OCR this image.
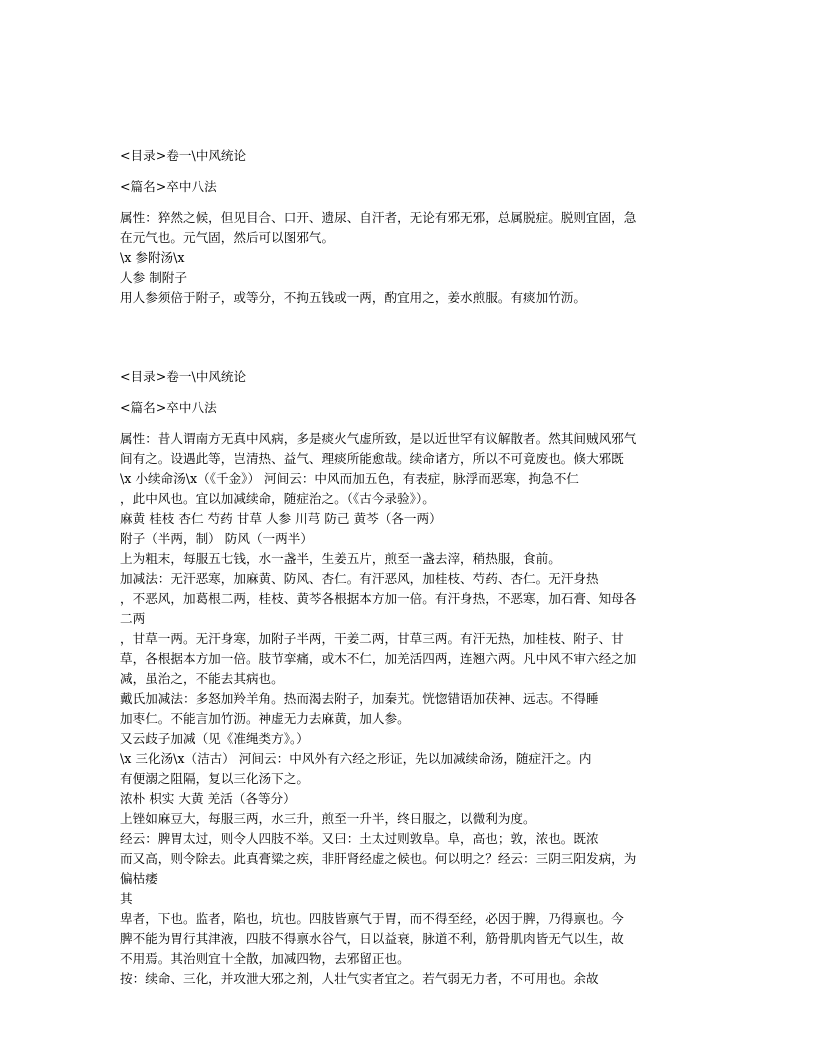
<目录>卷一\中风统论
<篇名>卒中八法
属性：猝然之候，但见目合、口开、遗尿、自汗者，无论有邪无邪，总属脱症。脱则宜固，急
在元气也。元气固，然后可以图邪气。
\x 参附汤\x
人参 制附子
用人参须倍于附子，或等分，不拘五钱或一两，酌宜用之，姜水煎服。有痰加竹沥。
<目录>卷一\中风统论
<篇名>卒中八法
属性：昔人谓南方无真中风病，多是痰火气虚所致，是以近世罕有议解散者。然其间贼风邪气
间有之。设遇此等，岂清热、益气、理痰所能愈哉。续命诸方，所以不可竟废也。倏大邪既
\x 小续命汤\x（《千金》） 河间云：中风而加五色，有表症，脉浮而恶寒，拘急不仁
，此中风也。宜以加减续命，随症治之。（《古今录验》）。
麻黄 桂枝 杏仁 芍药 甘草 人参 川芎 防己 黄芩（各一两）
附子（半两，制） 防风（一两半）
上为粗末，每服五七钱，水一盏半，生姜五片，煎至一盏去滓，稍热服，食前。
加减法：无汗恶寒，加麻黄、防风、杏仁。有汗恶风，加桂枝、芍药、杏仁。无汗身热
，不恶风，加葛根二两，桂枝、黄芩各根据本方加一倍。有汗身热，不恶寒，加石膏、知母各
二两
，甘草一两。无汗身寒，加附子半两，干姜二两，甘草三两。有汗无热，加桂枝、附子、甘
草，各根据本方加一倍。肢节挛痛，或木不仁，加羌活四两，连翘六两。凡中风不审六经之加
减，虽治之，不能去其病也。
戴氏加减法：多怒加羚羊角。热而渴去附子，加秦艽。恍惚错语加茯神、远志。不得睡
加枣仁。不能言加竹沥。神虚无力去麻黄，加人参。
又云歧子加减（见《准绳类方》。）
\x 三化汤\x（洁古） 河间云：中风外有六经之形证，先以加减续命汤，随症汗之。内
有便溺之阻隔，复以三化汤下之。
浓朴 枳实 大黄 羌活（各等分）
上锉如麻豆大，每服三两，水三升，煎至一升半，终日服之，以微利为度。
经云：脾胃太过，则令人四肢不举。又曰：土太过则敦阜。阜，高也；敦，浓也。既浓
而又高，则令除去。此真膏粱之疾，非肝肾经虚之候也。何以明之？经云：三阴三阳发病，为
偏枯痿
其
卑者，下也。监者，陷也，坑也。四肢皆禀气于胃，而不得至经，必因于脾，乃得禀也。今
脾不能为胃行其津液，四肢不得禀水谷气，日以益衰，脉道不利，筋骨肌肉皆无气以生，故
不用焉。其治则宜十全散，加减四物，去邪留正也。
按：续命、三化，并攻泄大邪之剂，人壮气实者宜之。若气弱无力者，不可用也。余故
